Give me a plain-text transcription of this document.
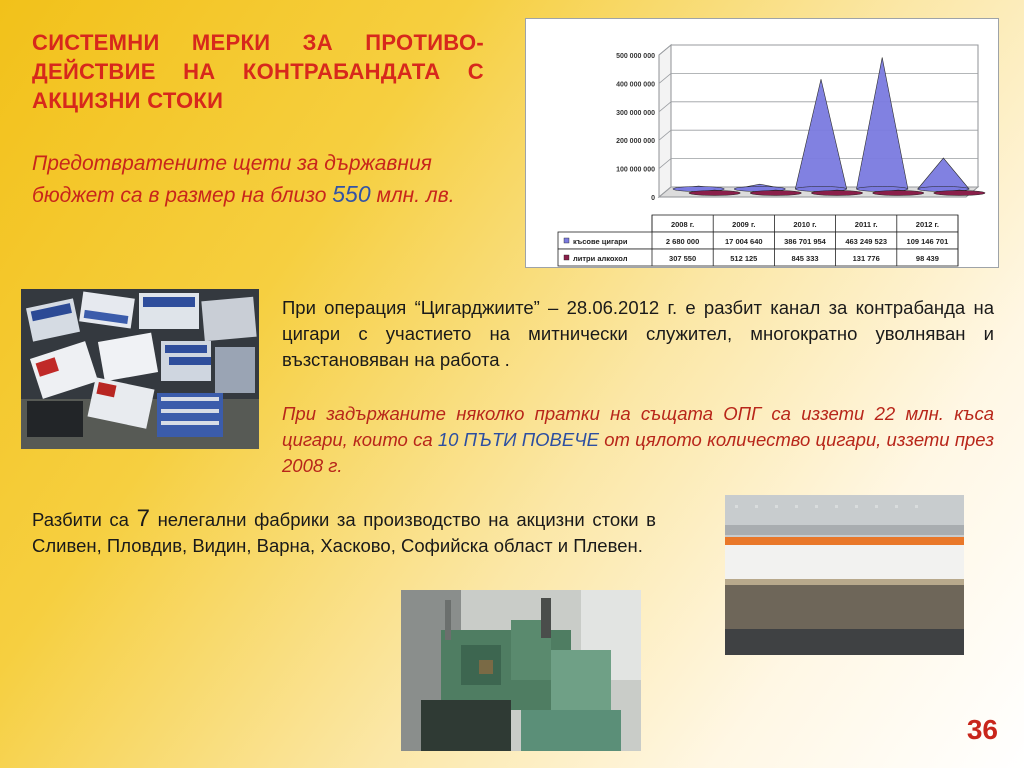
СИСТЕМНИ МЕРКИ ЗА ПРОТИВО-ДЕЙСТВИЕ НА КОНТРАБАНДАТА С АКЦИЗНИ СТОКИ
Предотвратените щети за държавния бюджет са в размер на близо 550 млн. лв.	0
100 000 000
200 000 000
300 000 000
400 000 000
500 000 000
2008 г.	2009 г.	2010 г.	2011 г.	2012 г.
късове цигари	2 680 000	17 004 640	386 701 954	463 249 523	109 146 701
литри алкохол	307 550	512 125	845 333	131 776	98 439
При операция “Цигарджиите” – 28.06.2012 г. е разбит канал за контрабанда на цигари с участието на митнически служител, многократно уволняван и възстановяван на работа .
При задържаните няколко пратки на същата ОПГ са иззети 22 млн. къса цигари, които са 10 ПЪТИ ПОВЕЧЕ от цялото количество цигари, иззети през 2008 г.
Разбити са 7 нелегални фабрики за производство на акцизни стоки в Сливен, Пловдив, Видин, Варна, Хасково, Софийска област и Плевен.
36
